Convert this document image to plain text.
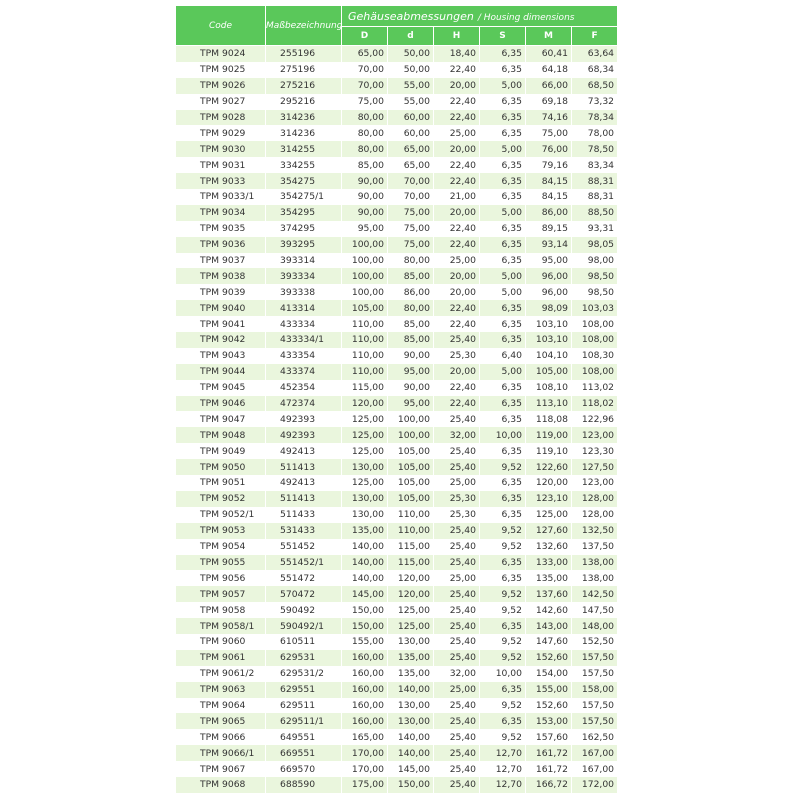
Code	Maßbezeichnung	Gehäuseabmessungen / Housing dimensions					
		D	d	H	S	M	F
TPM 9024	255196	65,00	50,00	18,40	6,35	60,41	63,64
TPM 9025	275196	70,00	50,00	22,40	6,35	64,18	68,34
TPM 9026	275216	70,00	55,00	20,00	5,00	66,00	68,50
TPM 9027	295216	75,00	55,00	22,40	6,35	69,18	73,32
TPM 9028	314236	80,00	60,00	22,40	6,35	74,16	78,34
TPM 9029	314236	80,00	60,00	25,00	6,35	75,00	78,00
TPM 9030	314255	80,00	65,00	20,00	5,00	76,00	78,50
TPM 9031	334255	85,00	65,00	22,40	6,35	79,16	83,34
TPM 9033	354275	90,00	70,00	22,40	6,35	84,15	88,31
TPM 9033/1	354275/1	90,00	70,00	21,00	6,35	84,15	88,31
TPM 9034	354295	90,00	75,00	20,00	5,00	86,00	88,50
TPM 9035	374295	95,00	75,00	22,40	6,35	89,15	93,31
TPM 9036	393295	100,00	75,00	22,40	6,35	93,14	98,05
TPM 9037	393314	100,00	80,00	25,00	6,35	95,00	98,00
TPM 9038	393334	100,00	85,00	20,00	5,00	96,00	98,50
TPM 9039	393338	100,00	86,00	20,00	5,00	96,00	98,50
TPM 9040	413314	105,00	80,00	22,40	6,35	98,09	103,03
TPM 9041	433334	110,00	85,00	22,40	6,35	103,10	108,00
TPM 9042	433334/1	110,00	85,00	25,40	6,35	103,10	108,00
TPM 9043	433354	110,00	90,00	25,30	6,40	104,10	108,30
TPM 9044	433374	110,00	95,00	20,00	5,00	105,00	108,00
TPM 9045	452354	115,00	90,00	22,40	6,35	108,10	113,02
TPM 9046	472374	120,00	95,00	22,40	6,35	113,10	118,02
TPM 9047	492393	125,00	100,00	25,40	6,35	118,08	122,96
TPM 9048	492393	125,00	100,00	32,00	10,00	119,00	123,00
TPM 9049	492413	125,00	105,00	25,40	6,35	119,10	123,30
TPM 9050	511413	130,00	105,00	25,40	9,52	122,60	127,50
TPM 9051	492413	125,00	105,00	25,00	6,35	120,00	123,00
TPM 9052	511413	130,00	105,00	25,30	6,35	123,10	128,00
TPM 9052/1	511433	130,00	110,00	25,30	6,35	125,00	128,00
TPM 9053	531433	135,00	110,00	25,40	9,52	127,60	132,50
TPM 9054	551452	140,00	115,00	25,40	9,52	132,60	137,50
TPM 9055	551452/1	140,00	115,00	25,40	6,35	133,00	138,00
TPM 9056	551472	140,00	120,00	25,00	6,35	135,00	138,00
TPM 9057	570472	145,00	120,00	25,40	9,52	137,60	142,50
TPM 9058	590492	150,00	125,00	25,40	9,52	142,60	147,50
TPM 9058/1	590492/1	150,00	125,00	25,40	6,35	143,00	148,00
TPM 9060	610511	155,00	130,00	25,40	9,52	147,60	152,50
TPM 9061	629531	160,00	135,00	25,40	9,52	152,60	157,50
TPM 9061/2	629531/2	160,00	135,00	32,00	10,00	154,00	157,50
TPM 9063	629551	160,00	140,00	25,00	6,35	155,00	158,00
TPM 9064	629511	160,00	130,00	25,40	9,52	152,60	157,50
TPM 9065	629511/1	160,00	130,00	25,40	6,35	153,00	157,50
TPM 9066	649551	165,00	140,00	25,40	9,52	157,60	162,50
TPM 9066/1	669551	170,00	140,00	25,40	12,70	161,72	167,00
TPM 9067	669570	170,00	145,00	25,40	12,70	161,72	167,00
TPM 9068	688590	175,00	150,00	25,40	12,70	166,72	172,00
